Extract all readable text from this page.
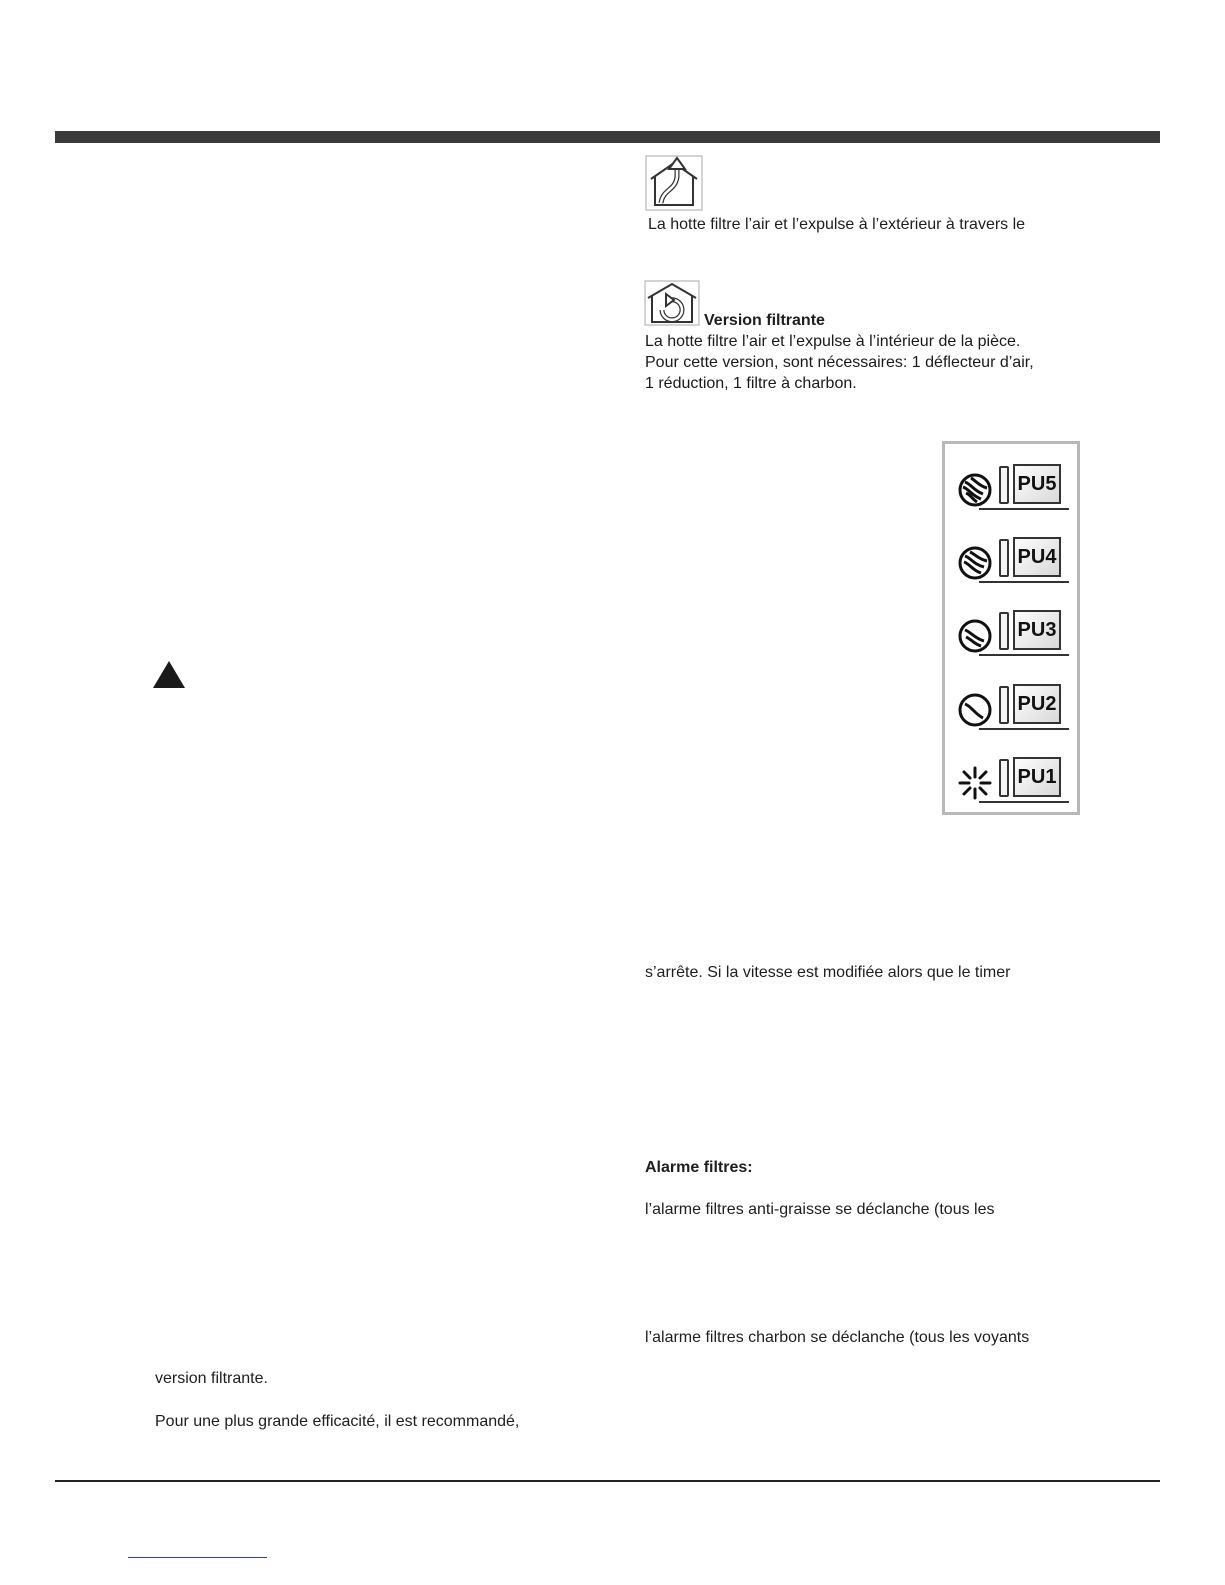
La hotte filtre l’air et l’expulse à l’extérieur à travers le
Version filtrante
La hotte filtre l’air et l’expulse à l’intérieur de la pièce.
Pour cette version, sont nécessaires: 1 déflecteur d’air,
1 réduction, 1 filtre à charbon.
PU5
PU4
PU3
PU2
PU1
s’arrête. Si la vitesse est modifiée alors que le timer
Alarme filtres:
l’alarme filtres anti-graisse se déclanche (tous les
l’alarme filtres charbon se déclanche (tous les voyants
version filtrante.
Pour une plus grande efficacité, il est recommandé,
